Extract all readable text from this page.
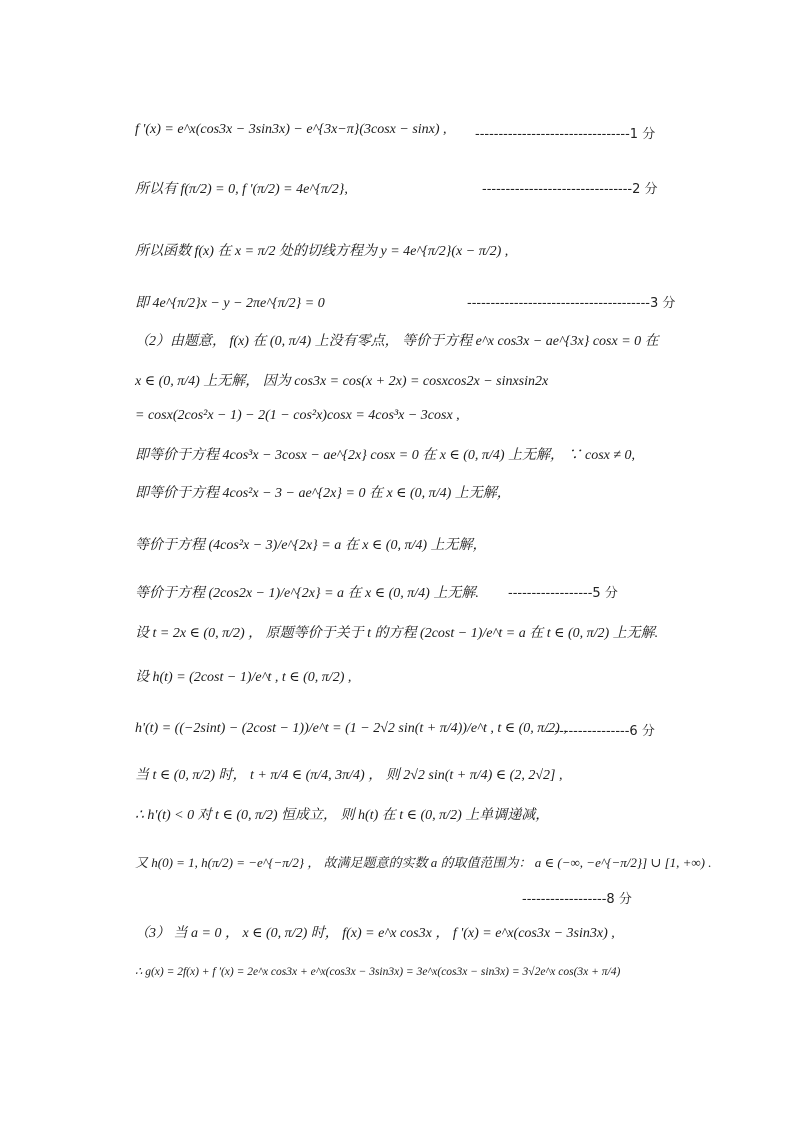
f '(x) = e^x(cos3x − 3sin3x) − e^{3x−π}(3cosx − sinx) , ---------------------------------1 分
所以有 f(π/2) = 0, f '(π/2) = 4e^{π/2},	--------------------------------2 分
所以函数 f(x) 在 x = π/2 处的切线方程为 y = 4e^{π/2}(x − π/2) ,
即 4e^{π/2}x − y − 2πe^{π/2} = 0	---------------------------------------3 分
（2）由题意， f(x) 在 (0, π/4) 上没有零点， 等价于方程 e^x cos3x − ae^{3x} cosx = 0 在
x ∈ (0, π/4) 上无解， 因为 cos3x = cos(x + 2x) = cosxcos2x − sinxsin2x
= cosx(2cos²x − 1) − 2(1 − cos²x)cosx = 4cos³x − 3cosx ,
即等价于方程 4cos³x − 3cosx − ae^{2x} cosx = 0 在 x ∈ (0, π/4) 上无解， ∵ cosx ≠ 0,
即等价于方程 4cos²x − 3 − ae^{2x} = 0 在 x ∈ (0, π/4) 上无解，
等价于方程 (4cos²x − 3)/e^{2x} = a 在 x ∈ (0, π/4) 上无解，
等价于方程 (2cos2x − 1)/e^{2x} = a 在 x ∈ (0, π/4) 上无解. ------------------5 分
设 t = 2x ∈ (0, π/2) ， 原题等价于关于 t 的方程 (2cost − 1)/e^t = a 在 t ∈ (0, π/2) 上无解.
设 h(t) = (2cost − 1)/e^t , t ∈ (0, π/2) ,
h'(t) = ((−2sint) − (2cost − 1))/e^t = (1 − 2√2 sin(t + π/4))/e^t , t ∈ (0, π/2) ,
------------------6 分
当 t ∈ (0, π/2) 时， t + π/4 ∈ (π/4, 3π/4) ， 则 2√2 sin(t + π/4) ∈ (2, 2√2] ,
∴ h'(t) < 0 对 t ∈ (0, π/2) 恒成立， 则 h(t) 在 t ∈ (0, π/2) 上单调递减，
又 h(0) = 1, h(π/2) = −e^{−π/2} ， 故满足题意的实数 a 的取值范围为： a ∈ (−∞, −e^{−π/2}] ∪ [1, +∞) .
------------------8 分
（3） 当 a = 0 ， x ∈ (0, π/2) 时， f(x) = e^x cos3x ， f '(x) = e^x(cos3x − 3sin3x) ,
∴ g(x) = 2f(x) + f '(x) = 2e^x cos3x + e^x(cos3x − 3sin3x) = 3e^x(cos3x − sin3x) = 3√2e^x cos(3x + π/4)
